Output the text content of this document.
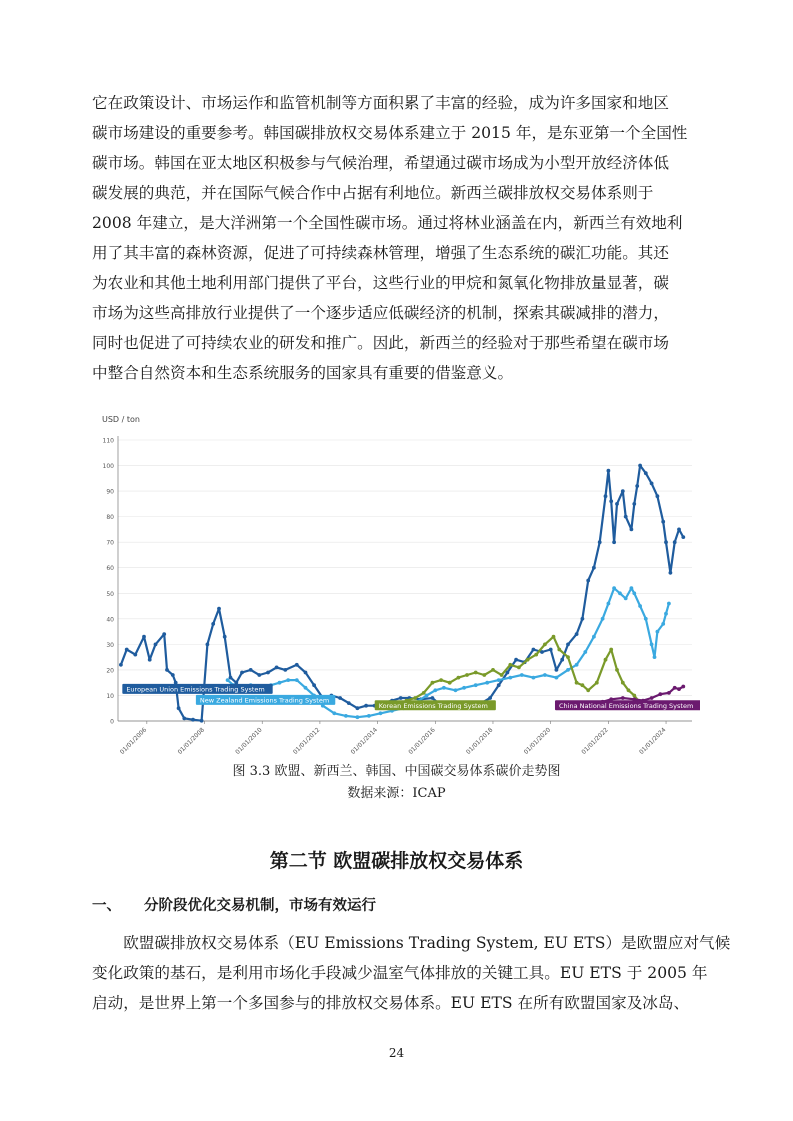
它在政策设计、市场运作和监管机制等方面积累了丰富的经验，成为许多国家和地区
碳市场建设的重要参考。韩国碳排放权交易体系建立于 2015 年，是东亚第一个全国性
碳市场。韩国在亚太地区积极参与气候治理，希望通过碳市场成为小型开放经济体低
碳发展的典范，并在国际气候合作中占据有利地位。新西兰碳排放权交易体系则于
2008 年建立，是大洋洲第一个全国性碳市场。通过将林业涵盖在内，新西兰有效地利
用了其丰富的森林资源，促进了可持续森林管理，增强了生态系统的碳汇功能。其还
为农业和其他土地利用部门提供了平台，这些行业的甲烷和氮氧化物排放量显著，碳
市场为这些高排放行业提供了一个逐步适应低碳经济的机制，探索其碳减排的潜力，
同时也促进了可持续农业的研发和推广。因此，新西兰的经验对于那些希望在碳市场
中整合自然资本和生态系统服务的国家具有重要的借鉴意义。
USD / ton
0
10
20
30
40
50
60
70
80
90
100
110
01/01/2006	01/01/2008	01/01/2010	01/01/2012	01/01/2014	01/01/2016	01/01/2018	01/01/2020	01/01/2022	01/01/2024
European Union Emissions Trading System
New Zealand Emissions Trading System
Korean Emissions Trading System	China National Emissions Trading System
图 3.3 欧盟、新西兰、韩国、中国碳交易体系碳价走势图
数据来源：ICAP
第二节 欧盟碳排放权交易体系
一、 分阶段优化交易机制，市场有效运行
　　欧盟碳排放权交易体系（EU Emissions Trading System, EU ETS）是欧盟应对气候
变化政策的基石，是利用市场化手段减少温室气体排放的关键工具。EU ETS 于 2005 年
启动，是世界上第一个多国参与的排放权交易体系。EU ETS 在所有欧盟国家及冰岛、
24
